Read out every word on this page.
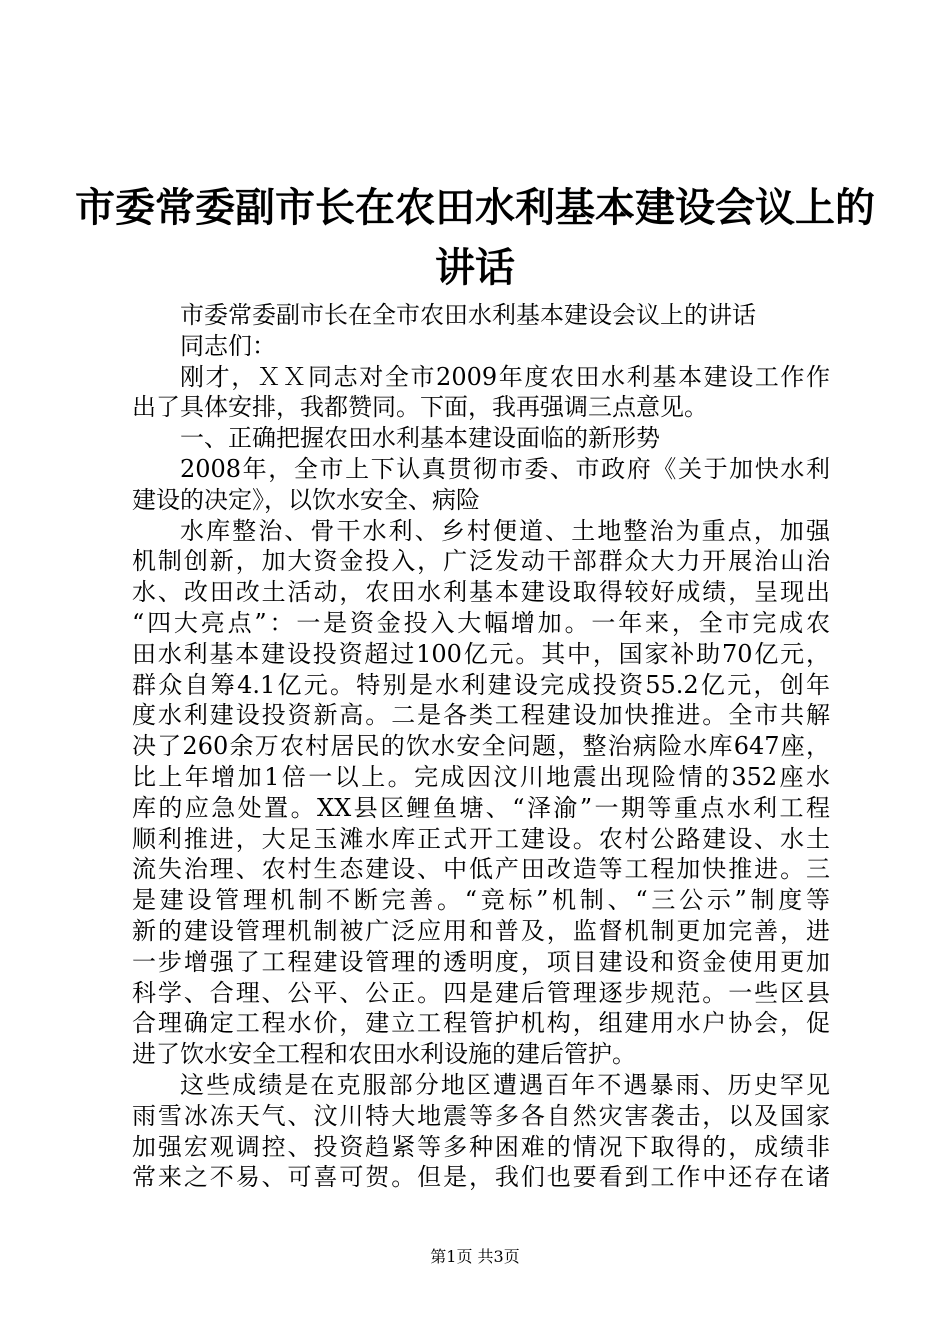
市委常委副市长在农田水利基本建设会议上的
讲话

市委常委副市长在全市农田水利基本建设会议上的讲话

同志们：

刚才，ＸＸ同志对全市2009年度农田水利基本建设工作作

出了具体安排，我都赞同。下面，我再强调三点意见。

一、正确把握农田水利基本建设面临的新形势

2008年，全市上下认真贯彻市委、市政府《关于加快水利

建设的决定》，以饮水安全、病险

水库整治、骨干水利、乡村便道、土地整治为重点，加强

机制创新，加大资金投入，广泛发动干部群众大力开展治山治

水、改田改土活动，农田水利基本建设取得较好成绩，呈现出

“四大亮点”：一是资金投入大幅增加。一年来，全市完成农

田水利基本建设投资超过100亿元。其中，国家补助70亿元，

群众自筹4.1亿元。特别是水利建设完成投资55.2亿元，创年

度水利建设投资新高。二是各类工程建设加快推进。全市共解

决了260余万农村居民的饮水安全问题，整治病险水库647座，

比上年增加1倍一以上。完成因汶川地震出现险情的352座水

库的应急处置。XX县区鲤鱼塘、“泽渝”一期等重点水利工程

顺利推进，大足玉滩水库正式开工建设。农村公路建设、水土

流失治理、农村生态建设、中低产田改造等工程加快推进。三

是建设管理机制不断完善。“竞标”机制、“三公示”制度等

新的建设管理机制被广泛应用和普及，监督机制更加完善，进

一步增强了工程建设管理的透明度，项目建设和资金使用更加

科学、合理、公平、公正。四是建后管理逐步规范。一些区县

合理确定工程水价，建立工程管护机构，组建用水户协会，促

进了饮水安全工程和农田水利设施的建后管护。

这些成绩是在克服部分地区遭遇百年不遇暴雨、历史罕见

雨雪冰冻天气、汶川特大地震等多各自然灾害袭击，以及国家

加强宏观调控、投资趋紧等多种困难的情况下取得的，成绩非

常来之不易、可喜可贺。但是，我们也要看到工作中还存在诸

第1页 共3页
